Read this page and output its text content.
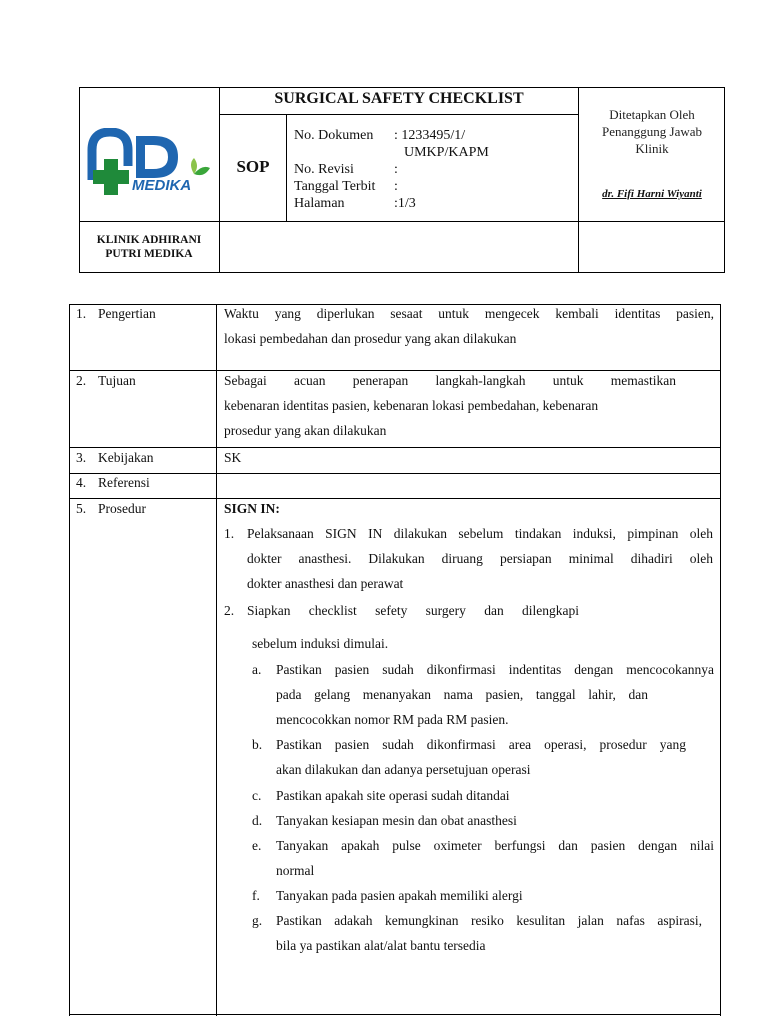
MEDIKA
SURGICAL SAFETY CHECKLIST
SOP
No. Dokumen : 1233495/1/
UMKP/KAPM
No. Revisi	:
Tanggal Terbit :
Halaman	:1/3
Ditetapkan Oleh
Penanggung Jawab
Klinik
dr. Fifi Harni Wiyanti
KLINIK ADHIRANI
PUTRI MEDIKA
1. Pengertian
2. Tujuan
3. Kebijakan
4. Referensi
5. Prosedur
Waktu yang diperlukan sesaat untuk mengecek kembali identitas pasien,
lokasi pembedahan dan prosedur yang akan dilakukan
Sebagai acuan penerapan langkah-langkah untuk memastikan
kebenaran identitas pasien, kebenaran lokasi pembedahan, kebenaran
prosedur yang akan dilakukan
SK
SIGN IN:
1. Pelaksanaan SIGN IN dilakukan sebelum tindakan induksi, pimpinan oleh
dokter anasthesi. Dilakukan diruang persiapan minimal dihadiri oleh
dokter anasthesi dan perawat
2. Siapkan checklist sefety surgery dan dilengkapi
sebelum induksi dimulai.
a. Pastikan pasien sudah dikonfirmasi indentitas dengan mencocokannya
pada gelang menanyakan nama pasien, tanggal lahir, dan
mencocokkan nomor RM pada RM pasien.
b. Pastikan pasien sudah dikonfirmasi area operasi, prosedur yang
akan dilakukan dan adanya persetujuan operasi
c. Pastikan apakah site operasi sudah ditandai
d. Tanyakan kesiapan mesin dan obat anasthesi
e. Tanyakan apakah pulse oximeter berfungsi dan pasien dengan nilai
normal
f. Tanyakan pada pasien apakah memiliki alergi
g. Pastikan adakah kemungkinan resiko kesulitan jalan nafas aspirasi,
bila ya pastikan alat/alat bantu tersedia
